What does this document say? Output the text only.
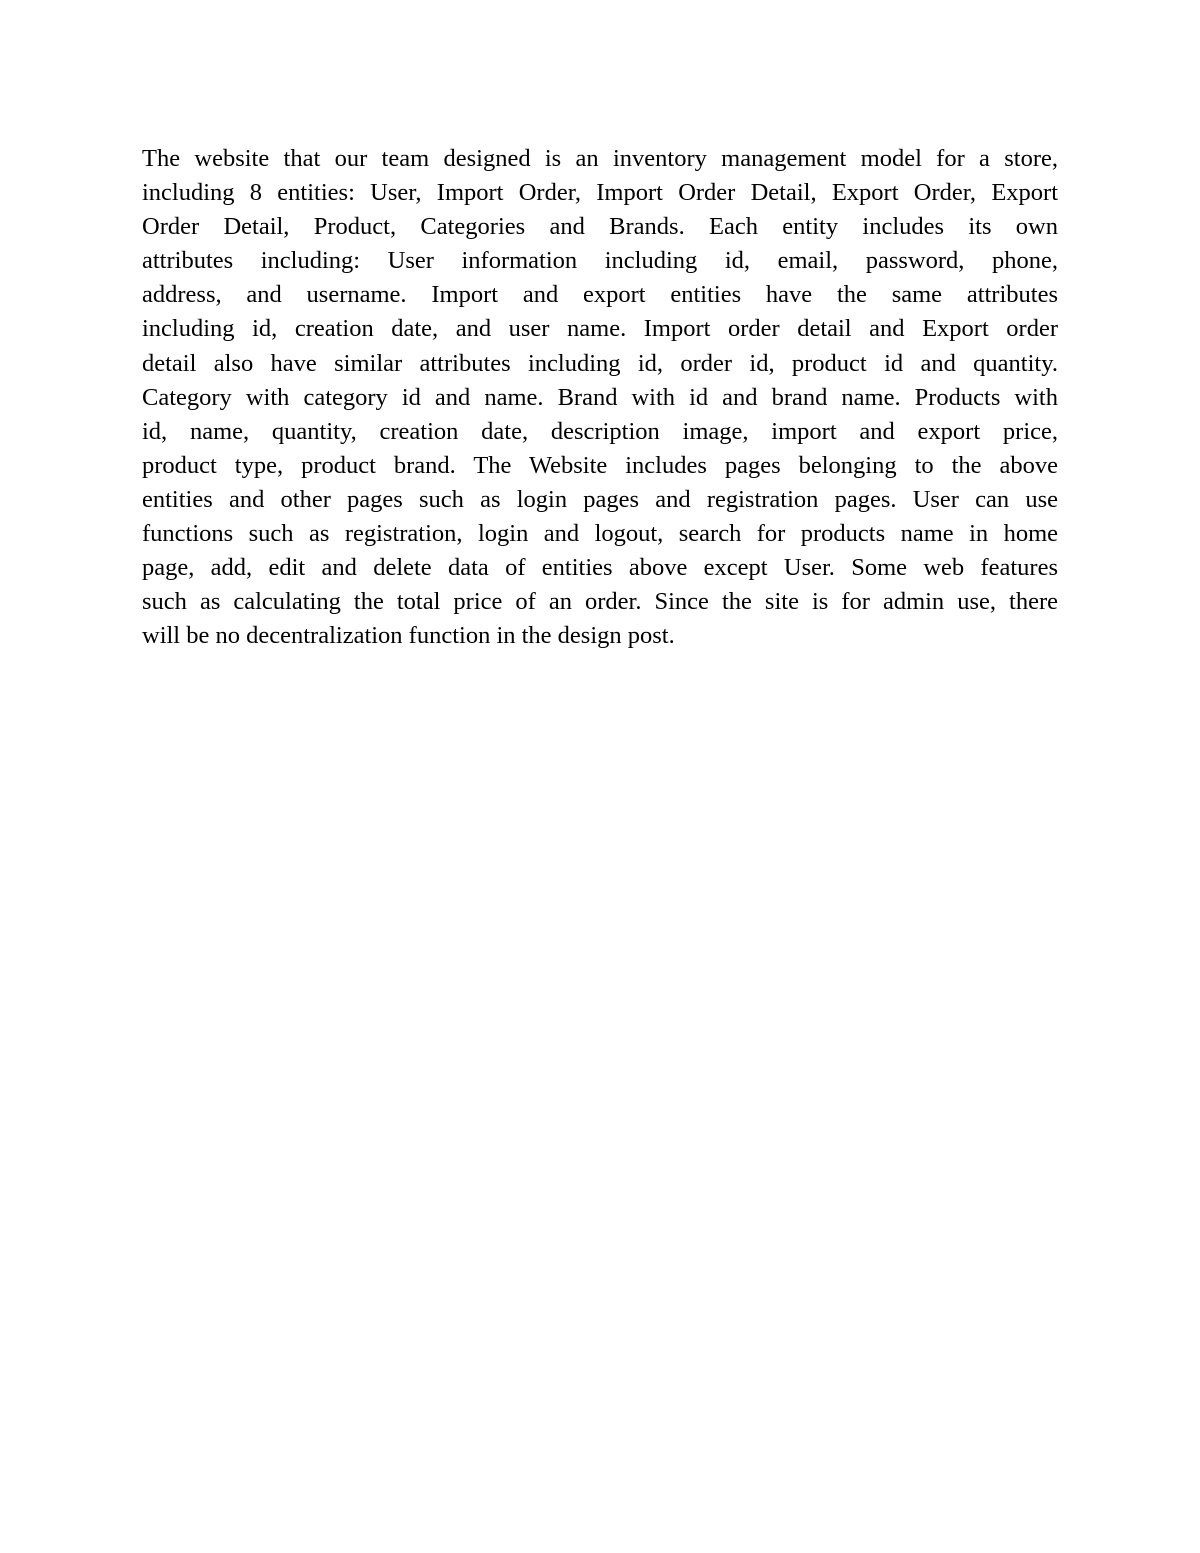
The website that our team designed is an inventory management model for a store,
including 8 entities: User, Import Order, Import Order Detail, Export Order, Export
Order Detail, Product, Categories and Brands. Each entity includes its own
attributes including: User information including id, email, password, phone,
address, and username. Import and export entities have the same attributes
including id, creation date, and user name. Import order detail and Export order
detail also have similar attributes including id, order id, product id and quantity.
Category with category id and name. Brand with id and brand name. Products with
id, name, quantity, creation date, description image, import and export price,
product type, product brand. The Website includes pages belonging to the above
entities and other pages such as login pages and registration pages. User can use
functions such as registration, login and logout, search for products name in home
page, add, edit and delete data of entities above except User. Some web features
such as calculating the total price of an order. Since the site is for admin use, there
will be no decentralization function in the design post.
